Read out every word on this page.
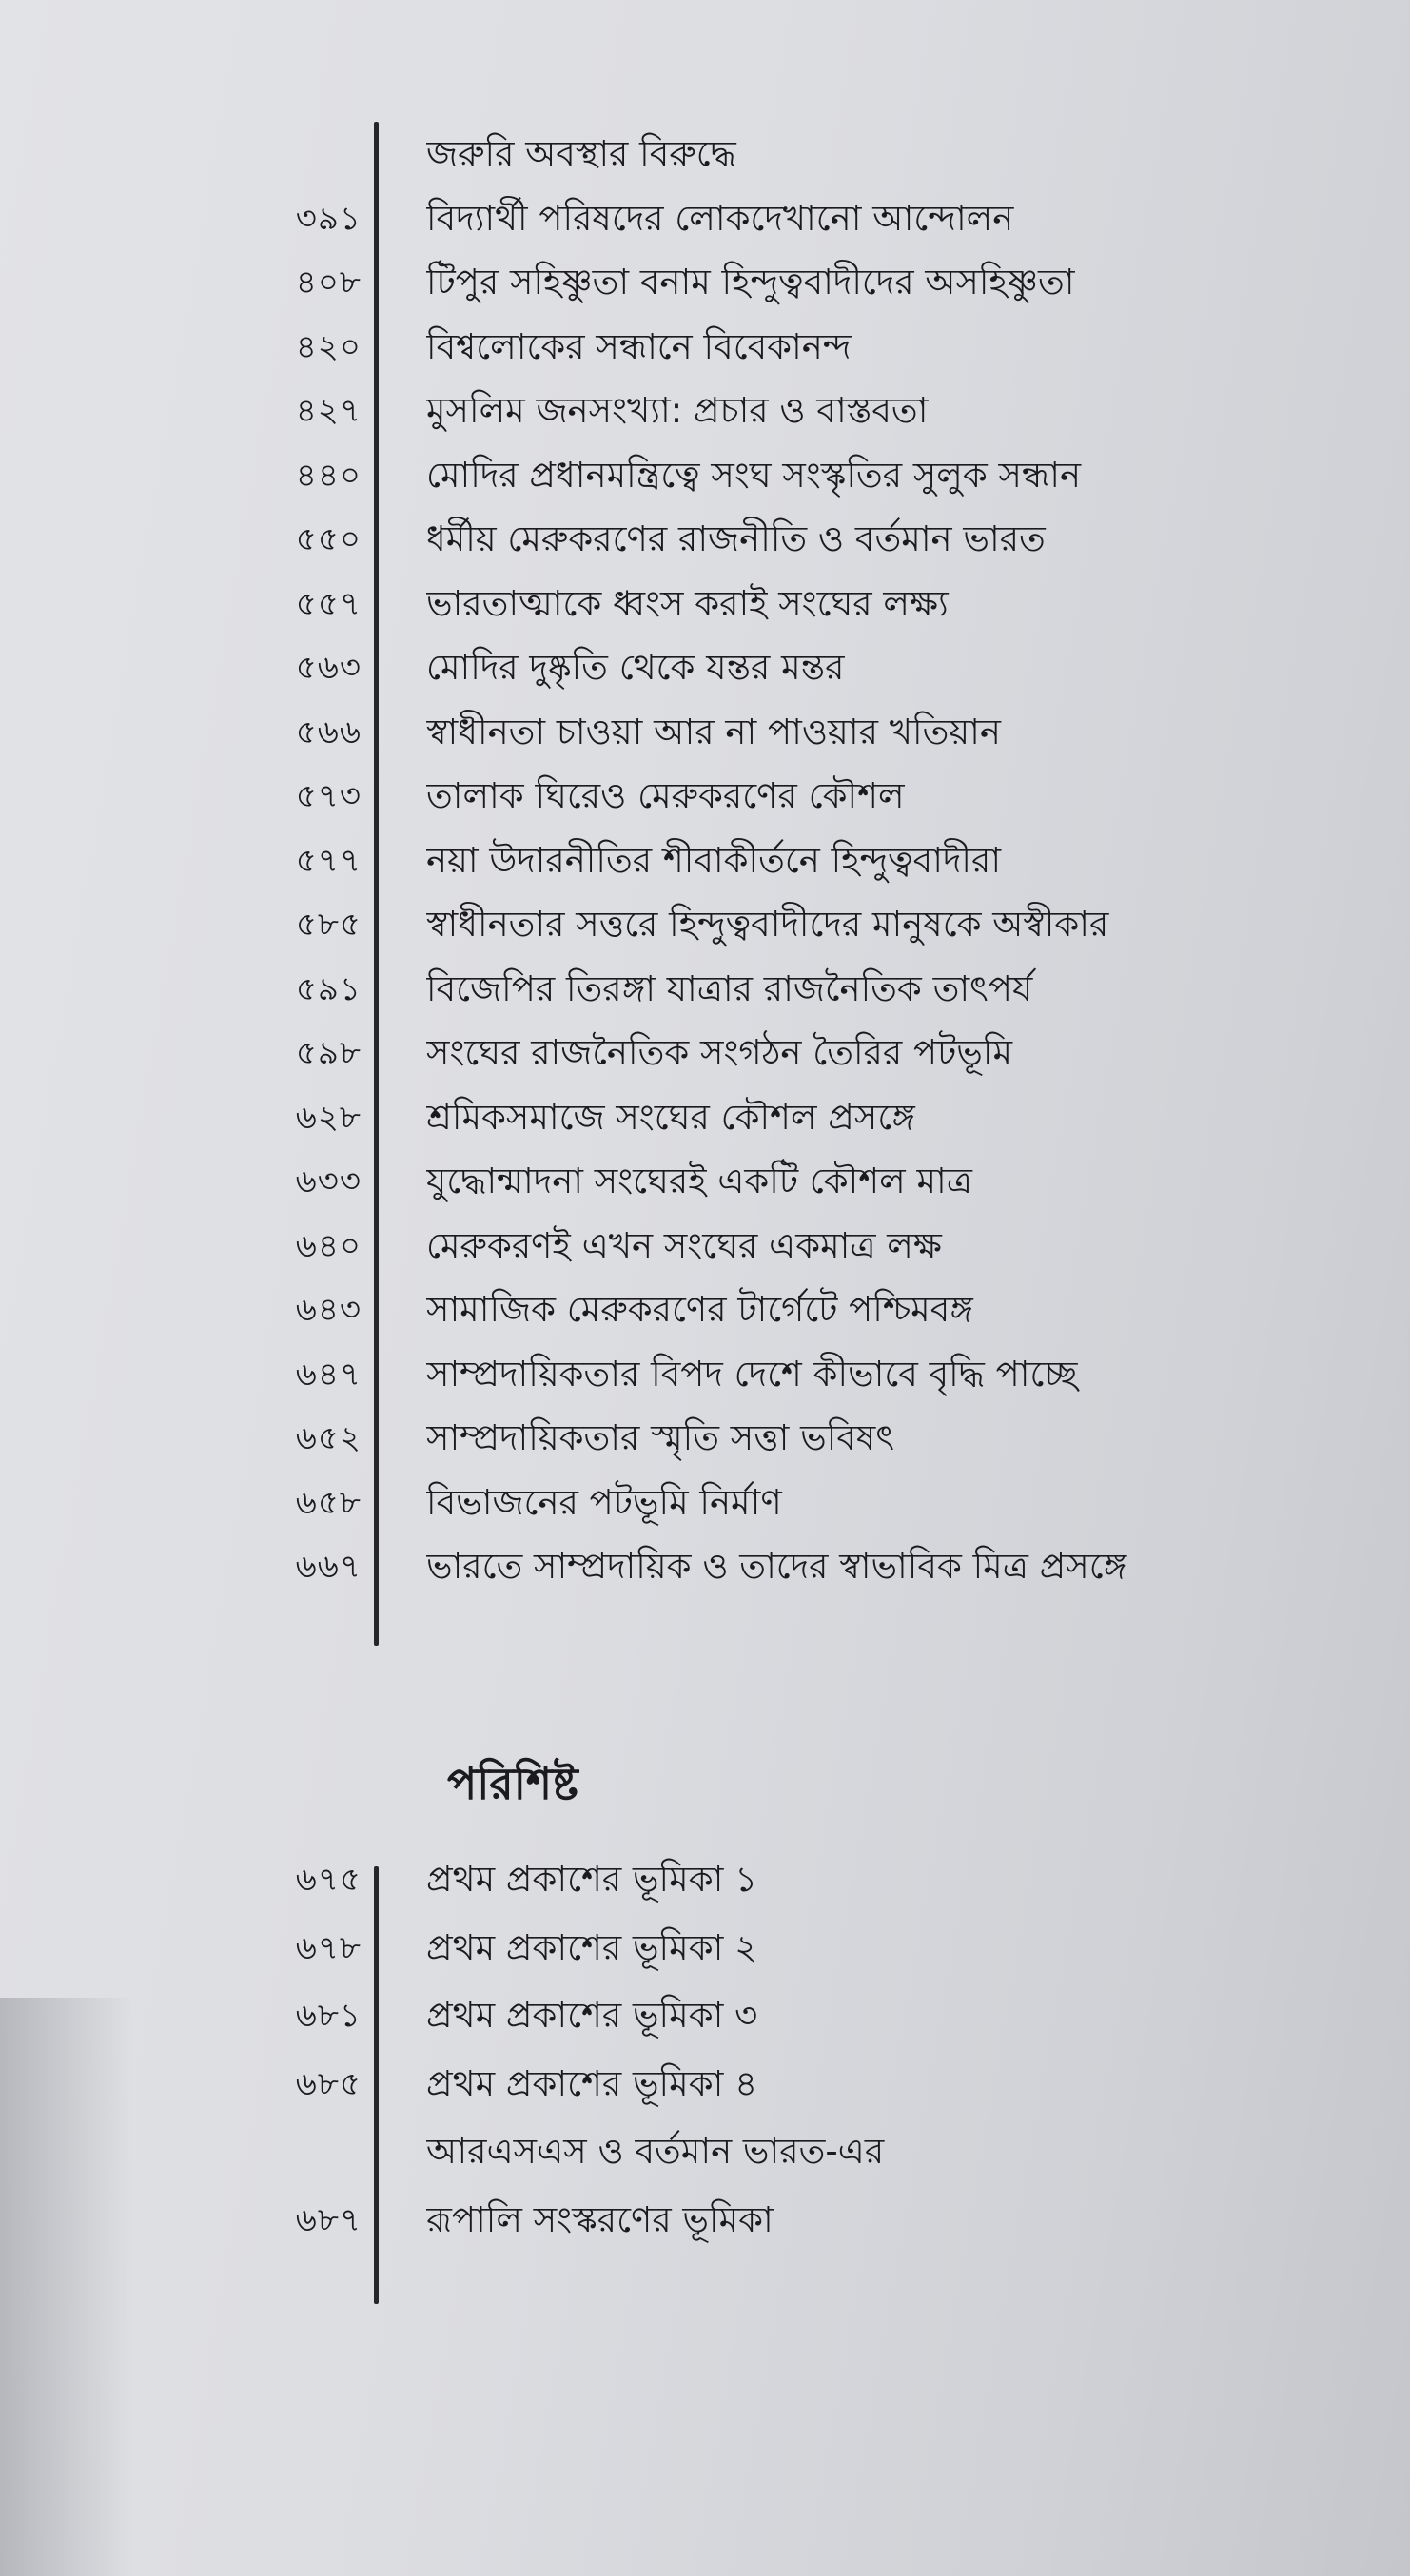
জরুরি অবস্থার বিরুদ্ধে
৩৯১ বিদ্যার্থী পরিষদের লোকদেখানো আন্দোলন
৪০৮ টিপুর সহিষ্ণুতা বনাম হিন্দুত্ববাদীদের অসহিষ্ণুতা
৪২০ বিশ্বলোকের সন্ধানে বিবেকানন্দ
৪২৭ মুসলিম জনসংখ্যা: প্রচার ও বাস্তবতা
৪৪০ মোদির প্রধানমন্ত্রিত্বে সংঘ সংস্কৃতির সুলুক সন্ধান
৫৫০ ধর্মীয় মেরুকরণের রাজনীতি ও বর্তমান ভারত
৫৫৭ ভারতাত্মাকে ধ্বংস করাই সংঘের লক্ষ্য
৫৬৩ মোদির দুষ্কৃতি থেকে যন্তর মন্তর
৫৬৬ স্বাধীনতা চাওয়া আর না পাওয়ার খতিয়ান
৫৭৩ তালাক ঘিরেও মেরুকরণের কৌশল
৫৭৭ নয়া উদারনীতির শীবাকীর্তনে হিন্দুত্ববাদীরা
৫৮৫ স্বাধীনতার সত্তরে হিন্দুত্ববাদীদের মানুষকে অস্বীকার
৫৯১ বিজেপির তিরঙ্গা যাত্রার রাজনৈতিক তাৎপর্য
৫৯৮ সংঘের রাজনৈতিক সংগঠন তৈরির পটভূমি
৬২৮ শ্রমিকসমাজে সংঘের কৌশল প্রসঙ্গে
৬৩৩ যুদ্ধোন্মাদনা সংঘেরই একটি কৌশল মাত্র
৬৪০ মেরুকরণই এখন সংঘের একমাত্র লক্ষ
৬৪৩ সামাজিক মেরুকরণের টার্গেটে পশ্চিমবঙ্গ
৬৪৭ সাম্প্রদায়িকতার বিপদ দেশে কীভাবে বৃদ্ধি পাচ্ছে
৬৫২ সাম্প্রদায়িকতার স্মৃতি সত্তা ভবিষৎ
৬৫৮ বিভাজনের পটভূমি নির্মাণ
৬৬৭ ভারতে সাম্প্রদায়িক ও তাদের স্বাভাবিক মিত্র প্রসঙ্গে
পরিশিষ্ট
৬৭৫ প্রথম প্রকাশের ভূমিকা ১
৬৭৮ প্রথম প্রকাশের ভূমিকা ২
৬৮১ প্রথম প্রকাশের ভূমিকা ৩
৬৮৫ প্রথম প্রকাশের ভূমিকা ৪
আরএসএস ও বর্তমান ভারত-এর
৬৮৭ রূপালি সংস্করণের ভূমিকা
